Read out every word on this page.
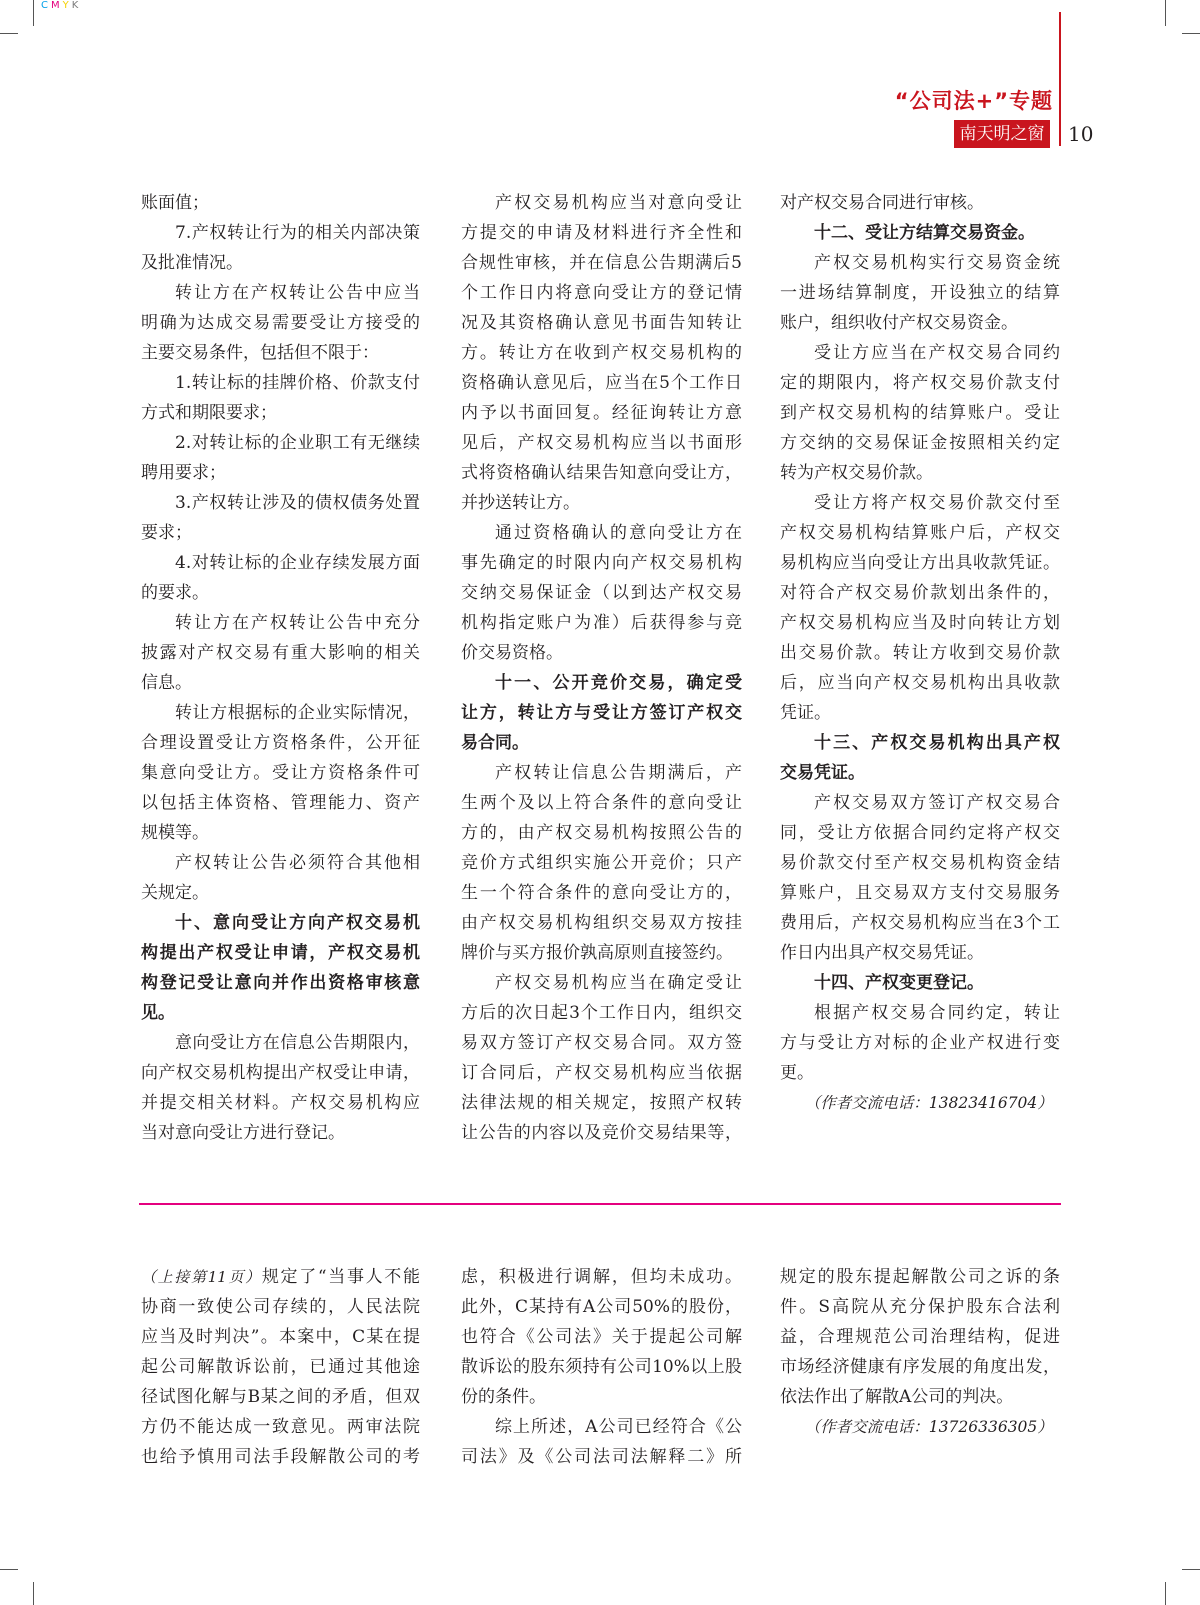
CMYK
“公司法+”专题
南天明之窗 10
账面值；
7.产权转让行为的相关内部决策
及批准情况。
转让方在产权转让公告中应当
明确为达成交易需要受让方接受的
主要交易条件，包括但不限于：
1.转让标的挂牌价格、价款支付
方式和期限要求；
2.对转让标的企业职工有无继续
聘用要求；
3.产权转让涉及的债权债务处置
要求；
4.对转让标的企业存续发展方面
的要求。
转让方在产权转让公告中充分
披露对产权交易有重大影响的相关
信息。
转让方根据标的企业实际情况，
合理设置受让方资格条件，公开征
集意向受让方。受让方资格条件可
以包括主体资格、管理能力、资产
规模等。
产权转让公告必须符合其他相
关规定。
十、意向受让方向产权交易机
构提出产权受让申请，产权交易机
构登记受让意向并作出资格审核意
见。
意向受让方在信息公告期限内，
向产权交易机构提出产权受让申请，
并提交相关材料。产权交易机构应
当对意向受让方进行登记。
产权交易机构应当对意向受让
方提交的申请及材料进行齐全性和
合规性审核，并在信息公告期满后5
个工作日内将意向受让方的登记情
况及其资格确认意见书面告知转让
方。转让方在收到产权交易机构的
资格确认意见后，应当在5个工作日
内予以书面回复。经征询转让方意
见后，产权交易机构应当以书面形
式将资格确认结果告知意向受让方，
并抄送转让方。
通过资格确认的意向受让方在
事先确定的时限内向产权交易机构
交纳交易保证金（以到达产权交易
机构指定账户为准）后获得参与竞
价交易资格。
十一、公开竞价交易，确定受
让方，转让方与受让方签订产权交
易合同。
产权转让信息公告期满后，产
生两个及以上符合条件的意向受让
方的，由产权交易机构按照公告的
竞价方式组织实施公开竞价；只产
生一个符合条件的意向受让方的，
由产权交易机构组织交易双方按挂
牌价与买方报价孰高原则直接签约。
产权交易机构应当在确定受让
方后的次日起3个工作日内，组织交
易双方签订产权交易合同。双方签
订合同后，产权交易机构应当依据
法律法规的相关规定，按照产权转
让公告的内容以及竞价交易结果等，
对产权交易合同进行审核。
十二、受让方结算交易资金。
产权交易机构实行交易资金统
一进场结算制度，开设独立的结算
账户，组织收付产权交易资金。
受让方应当在产权交易合同约
定的期限内，将产权交易价款支付
到产权交易机构的结算账户。受让
方交纳的交易保证金按照相关约定
转为产权交易价款。
受让方将产权交易价款交付至
产权交易机构结算账户后，产权交
易机构应当向受让方出具收款凭证。
对符合产权交易价款划出条件的，
产权交易机构应当及时向转让方划
出交易价款。转让方收到交易价款
后，应当向产权交易机构出具收款
凭证。
十三、产权交易机构出具产权
交易凭证。
产权交易双方签订产权交易合
同，受让方依据合同约定将产权交
易价款交付至产权交易机构资金结
算账户，且交易双方支付交易服务
费用后，产权交易机构应当在3个工
作日内出具产权交易凭证。
十四、产权变更登记。
根据产权交易合同约定，转让
方与受让方对标的企业产权进行变
更。
（作者交流电话：13823416704）
（上接第11页）规定了“当事人不能
协商一致使公司存续的，人民法院
应当及时判决”。本案中，C某在提
起公司解散诉讼前，已通过其他途
径试图化解与B某之间的矛盾，但双
方仍不能达成一致意见。两审法院
也给予慎用司法手段解散公司的考
虑，积极进行调解，但均未成功。
此外，C某持有A公司50%的股份，
也符合《公司法》关于提起公司解
散诉讼的股东须持有公司10%以上股
份的条件。
综上所述，A公司已经符合《公
司法》及《公司法司法解释二》所
规定的股东提起解散公司之诉的条
件。S高院从充分保护股东合法利
益，合理规范公司治理结构，促进
市场经济健康有序发展的角度出发，
依法作出了解散A公司的判决。
（作者交流电话：13726336305）
